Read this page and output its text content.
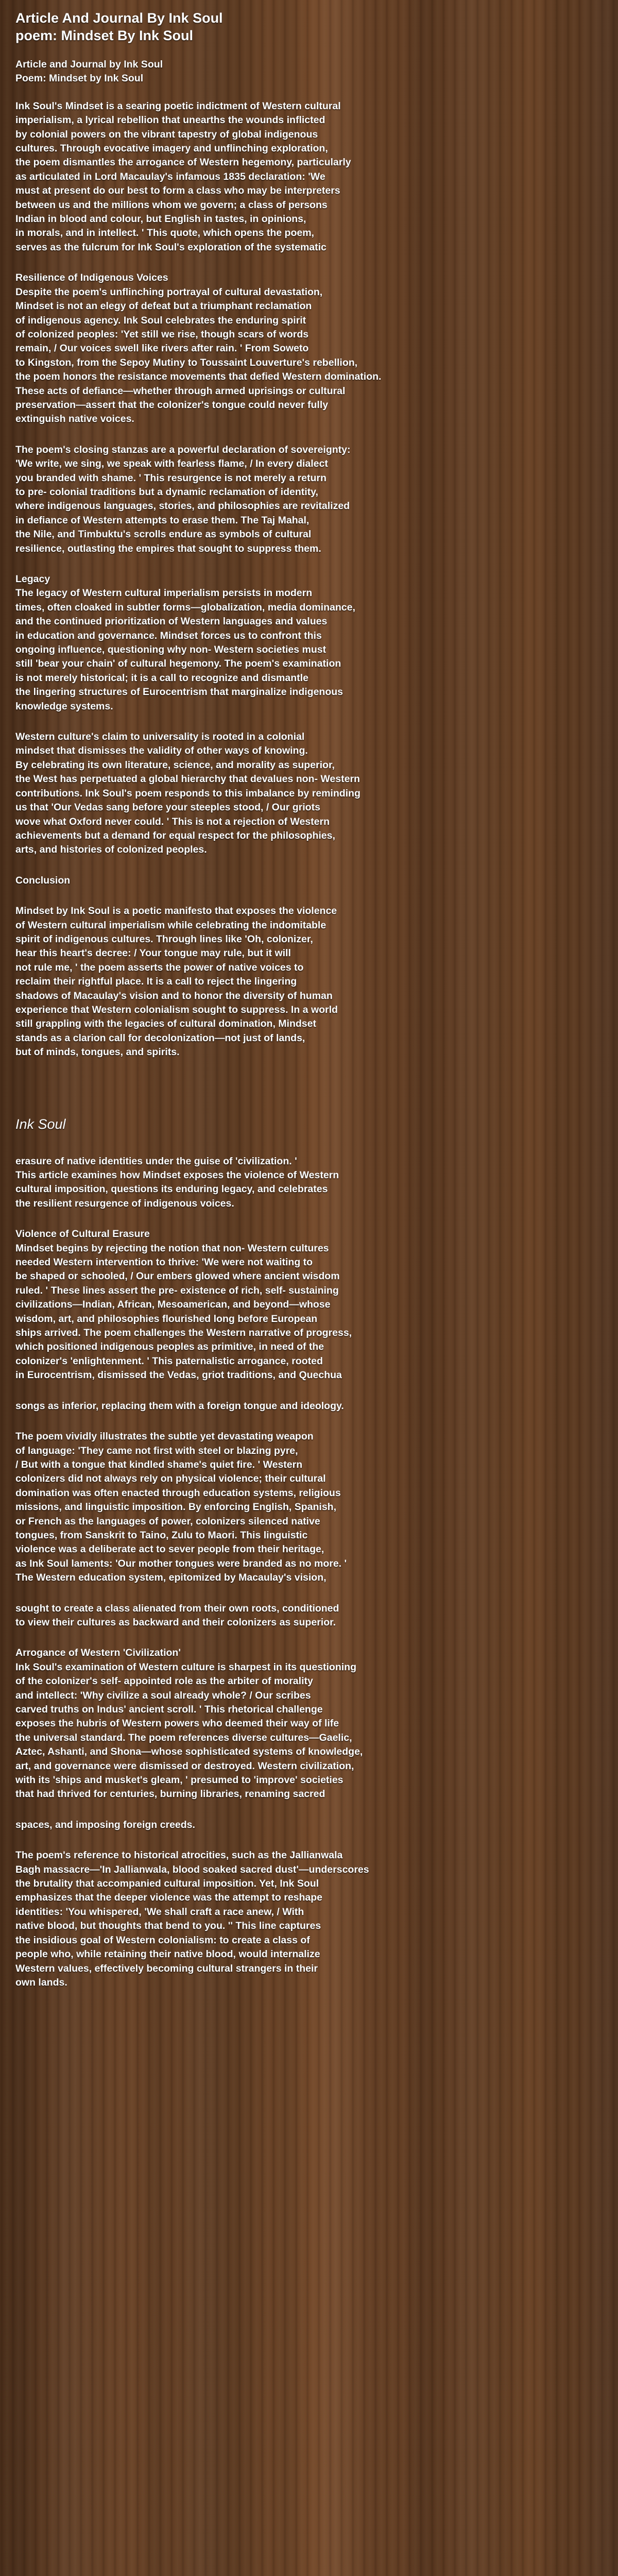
Article And Journal By Ink Soul
poem: Mindset By Ink Soul

Article and Journal by Ink Soul

Poem: Mindset by Ink Soul

Ink Soul's Mindset is a searing poetic indictment of Western cultural
imperialism, a lyrical rebellion that unearths the wounds inflicted
by colonial powers on the vibrant tapestry of global indigenous
cultures. Through evocative imagery and unflinching exploration,
the poem dismantles the arrogance of Western hegemony, particularly
as articulated in Lord Macaulay's infamous 1835 declaration: 'We
must at present do our best to form a class who may be interpreters
between us and the millions whom we govern; a class of persons
Indian in blood and colour, but English in tastes, in opinions,
in morals, and in intellect. ' This quote, which opens the poem,
serves as the fulcrum for Ink Soul's exploration of the systematic

Resilience of Indigenous Voices

Despite the poem's unflinching portrayal of cultural devastation,
Mindset is not an elegy of defeat but a triumphant reclamation
of indigenous agency. Ink Soul celebrates the enduring spirit
of colonized peoples: 'Yet still we rise, though scars of words
remain, / Our voices swell like rivers after rain. ' From Soweto
to Kingston, from the Sepoy Mutiny to Toussaint Louverture's rebellion,
the poem honors the resistance movements that defied Western domination.
These acts of defiance—whether through armed uprisings or cultural
preservation—assert that the colonizer's tongue could never fully
extinguish native voices.

The poem's closing stanzas are a powerful declaration of sovereignty:
'We write, we sing, we speak with fearless flame, / In every dialect
you branded with shame. ' This resurgence is not merely a return
to pre- colonial traditions but a dynamic reclamation of identity,
where indigenous languages, stories, and philosophies are revitalized
in defiance of Western attempts to erase them. The Taj Mahal,
the Nile, and Timbuktu's scrolls endure as symbols of cultural
resilience, outlasting the empires that sought to suppress them.

Legacy

The legacy of Western cultural imperialism persists in modern
times, often cloaked in subtler forms—globalization, media dominance,
and the continued prioritization of Western languages and values
in education and governance. Mindset forces us to confront this
ongoing influence, questioning why non- Western societies must
still 'bear your chain' of cultural hegemony. The poem's examination
is not merely historical; it is a call to recognize and dismantle
the lingering structures of Eurocentrism that marginalize indigenous
knowledge systems.

Western culture's claim to universality is rooted in a colonial
mindset that dismisses the validity of other ways of knowing.
By celebrating its own literature, science, and morality as superior,
the West has perpetuated a global hierarchy that devalues non- Western
contributions. Ink Soul's poem responds to this imbalance by reminding
us that 'Our Vedas sang before your steeples stood, / Our griots
wove what Oxford never could. ' This is not a rejection of Western
achievements but a demand for equal respect for the philosophies,
arts, and histories of colonized peoples.

Conclusion

Mindset by Ink Soul is a poetic manifesto that exposes the violence
of Western cultural imperialism while celebrating the indomitable
spirit of indigenous cultures. Through lines like 'Oh, colonizer,
hear this heart's decree: / Your tongue may rule, but it will
not rule me, ' the poem asserts the power of native voices to
reclaim their rightful place. It is a call to reject the lingering
shadows of Macaulay's vision and to honor the diversity of human
experience that Western colonialism sought to suppress. In a world
still grappling with the legacies of cultural domination, Mindset
stands as a clarion call for decolonization—not just of lands,
but of minds, tongues, and spirits.

Ink Soul

erasure of native identities under the guise of 'civilization. '
This article examines how Mindset exposes the violence of Western
cultural imposition, questions its enduring legacy, and celebrates
the resilient resurgence of indigenous voices.

Violence of Cultural Erasure

Mindset begins by rejecting the notion that non- Western cultures
needed Western intervention to thrive: 'We were not waiting to
be shaped or schooled, / Our embers glowed where ancient wisdom
ruled. ' These lines assert the pre- existence of rich, self- sustaining
civilizations—Indian, African, Mesoamerican, and beyond—whose
wisdom, art, and philosophies flourished long before European
ships arrived. The poem challenges the Western narrative of progress,
which positioned indigenous peoples as primitive, in need of the
colonizer's 'enlightenment. ' This paternalistic arrogance, rooted
in Eurocentrism, dismissed the Vedas, griot traditions, and Quechua

songs as inferior, replacing them with a foreign tongue and ideology.

The poem vividly illustrates the subtle yet devastating weapon
of language: 'They came not first with steel or blazing pyre,
/ But with a tongue that kindled shame's quiet fire. ' Western
colonizers did not always rely on physical violence; their cultural
domination was often enacted through education systems, religious
missions, and linguistic imposition. By enforcing English, Spanish,
or French as the languages of power, colonizers silenced native
tongues, from Sanskrit to Taino, Zulu to Maori. This linguistic
violence was a deliberate act to sever people from their heritage,
as Ink Soul laments: 'Our mother tongues were branded as no more. '
The Western education system, epitomized by Macaulay's vision,

sought to create a class alienated from their own roots, conditioned
to view their cultures as backward and their colonizers as superior.

Arrogance of Western 'Civilization'

Ink Soul's examination of Western culture is sharpest in its questioning
of the colonizer's self- appointed role as the arbiter of morality
and intellect: 'Why civilize a soul already whole? / Our scribes
carved truths on Indus' ancient scroll. ' This rhetorical challenge
exposes the hubris of Western powers who deemed their way of life
the universal standard. The poem references diverse cultures—Gaelic,
Aztec, Ashanti, and Shona—whose sophisticated systems of knowledge,
art, and governance were dismissed or destroyed. Western civilization,
with its 'ships and musket's gleam, ' presumed to 'improve' societies
that had thrived for centuries, burning libraries, renaming sacred

spaces, and imposing foreign creeds.

The poem's reference to historical atrocities, such as the Jallianwala
Bagh massacre—'In Jallianwala, blood soaked sacred dust'—underscores
the brutality that accompanied cultural imposition. Yet, Ink Soul
emphasizes that the deeper violence was the attempt to reshape
identities: 'You whispered, 'We shall craft a race anew, / With
native blood, but thoughts that bend to you. '' This line captures
the insidious goal of Western colonialism: to create a class of
people who, while retaining their native blood, would internalize
Western values, effectively becoming cultural strangers in their
own lands.
